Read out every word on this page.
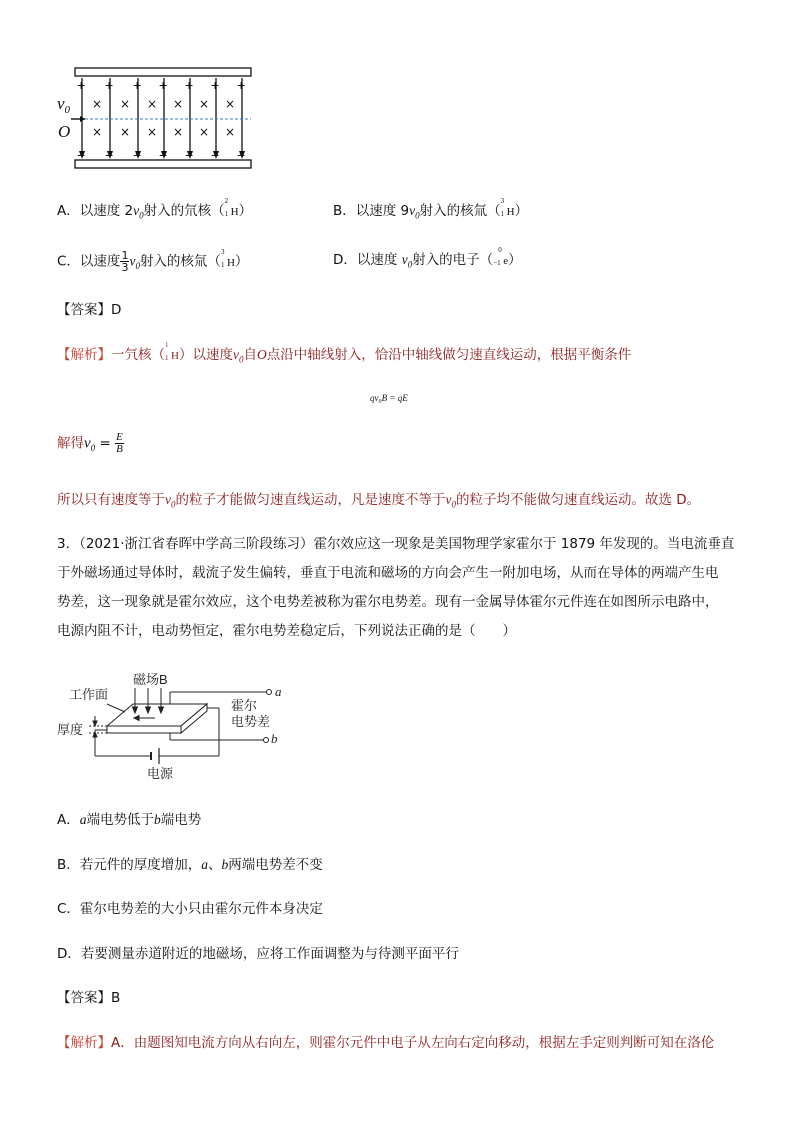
×
×
×
×
×
×
×
×
×
×
×
×
+
−
+
−
+
−
+
−
+
−
+
−
+
−
$v_0$
O
A．以速度 $2v_0$射入的氘核（
2
1 H）	B．以速度 $9v_0$射入的核氚（
3
1 H）
C．以速度 $\frac{1}{3} v_0$射入的核氚（
3
1 H）	D．以速度 $v_0$射入的电子（
0
−1 e）
【答案】D
【解析】一氕核（
1
1 H）以速度$v_0$自O点沿中轴线射入，恰沿中轴线做匀速直线运动，根据平衡条件
qv₀B = qE
解得$v_0 = \frac{E}{B}$
所以只有速度等于$v_0$的粒子才能做匀速直线运动，凡是速度不等于$v_0$的粒子均不能做匀速直线运动。故选 D。
3．（2021·浙江省春晖中学高三阶段练习）霍尔效应这一现象是美国物理学家霍尔于 1879 年发现的。当电流垂直
于外磁场通过导体时，载流子发生偏转，垂直于电流和磁场的方向会产生一附加电场，从而在导体的两端产生电
势差，这一现象就是霍尔效应，这个电势差被称为霍尔电势差。现有一金属导体霍尔元件连在如图所示电路中，
电源内阻不计，电动势恒定，霍尔电势差稳定后，下列说法正确的是（　　）
磁场B
工作面
霍尔
电势差
厚度
电源
a
b
A．a端电势低于b端电势
B．若元件的厚度增加，a、b两端电势差不变
C．霍尔电势差的大小只由霍尔元件本身决定
D．若要测量赤道附近的地磁场，应将工作面调整为与待测平面平行
【答案】B
【解析】A．由题图知电流方向从右向左，则霍尔元件中电子从左向右定向移动，根据左手定则判断可知在洛伦
